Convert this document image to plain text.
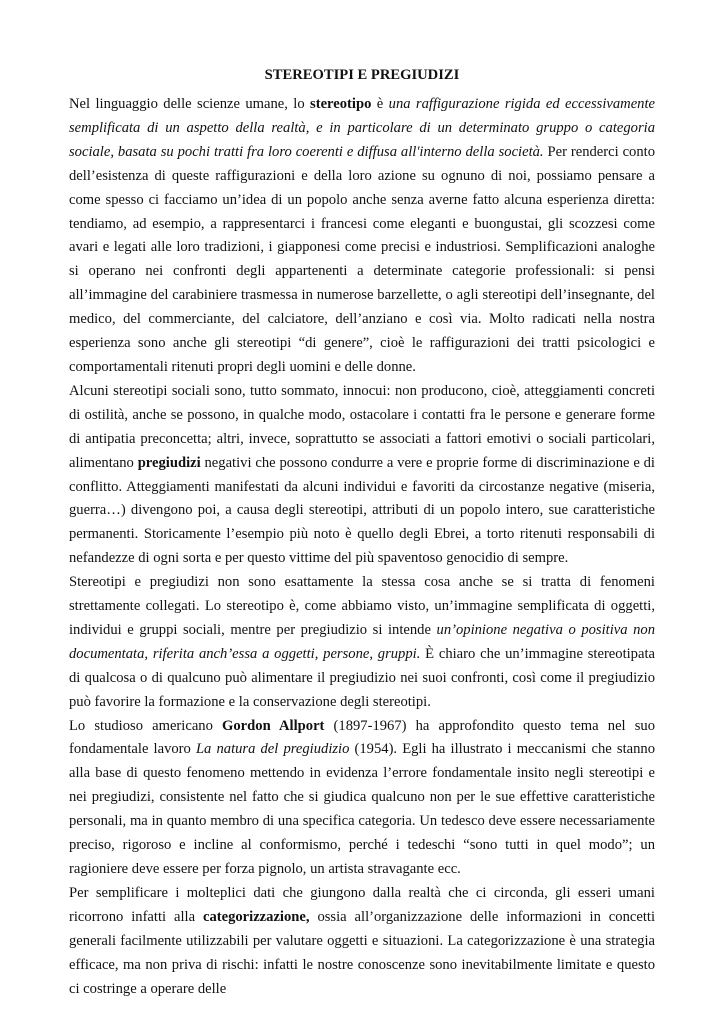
STEREOTIPI E PREGIUDIZI

Nel linguaggio delle scienze umane, lo stereotipo è una raffigurazione rigida ed eccessivamente semplificata di un aspetto della realtà, e in particolare di un determinato gruppo o categoria sociale, basata su pochi tratti fra loro coerenti e diffusa all'interno della società. Per renderci conto dell’esistenza di queste raffigurazioni e della loro azione su ognuno di noi, possiamo pensare a come spesso ci facciamo un’idea di un popolo anche senza averne fatto alcuna esperienza diretta: tendiamo, ad esempio, a rappresentarci i francesi come eleganti e buongustai, gli scozzesi come avari e legati alle loro tradizioni, i giapponesi come precisi e industriosi. Semplificazioni analoghe si operano nei confronti degli appartenenti a determinate categorie professionali: si pensi all’immagine del carabiniere trasmessa in numerose barzellette, o agli stereotipi dell’insegnante, del medico, del commerciante, del calciatore, dell’anziano e così via. Molto radicati nella nostra esperienza sono anche gli stereotipi “di genere”, cioè le raffigurazioni dei tratti psicologici e comportamentali ritenuti propri degli uomini e delle donne.

Alcuni stereotipi sociali sono, tutto sommato, innocui: non producono, cioè, atteggiamenti concreti di ostilità, anche se possono, in qualche modo, ostacolare i contatti fra le persone e generare forme di antipatia preconcetta; altri, invece, soprattutto se associati a fattori emotivi o sociali particolari, alimentano pregiudizi negativi che possono condurre a vere e proprie forme di discriminazione e di conflitto. Atteggiamenti manifestati da alcuni individui e favoriti da circostanze negative (miseria, guerra…) divengono poi, a causa degli stereotipi, attributi di un popolo intero, sue caratteristiche permanenti. Storicamente l’esempio più noto è quello degli Ebrei, a torto ritenuti responsabili di nefandezze di ogni sorta e per questo vittime del più spaventoso genocidio di sempre.

Stereotipi e pregiudizi non sono esattamente la stessa cosa anche se si tratta di fenomeni strettamente collegati. Lo stereotipo è, come abbiamo visto, un’immagine semplificata di oggetti, individui e gruppi sociali, mentre per pregiudizio si intende un’opinione negativa o positiva non documentata, riferita anch’essa a oggetti, persone, gruppi. È chiaro che un’immagine stereotipata di qualcosa o di qualcuno può alimentare il pregiudizio nei suoi confronti, così come il pregiudizio può favorire la formazione e la conservazione degli stereotipi.

Lo studioso americano Gordon Allport (1897-1967) ha approfondito questo tema nel suo fondamentale lavoro La natura del pregiudizio (1954). Egli ha illustrato i meccanismi che stanno alla base di questo fenomeno mettendo in evidenza l’errore fondamentale insito negli stereotipi e nei pregiudizi, consistente nel fatto che si giudica qualcuno non per le sue effettive caratteristiche personali, ma in quanto membro di una specifica categoria. Un tedesco deve essere necessariamente preciso, rigoroso e incline al conformismo, perché i tedeschi “sono tutti in quel modo”; un ragioniere deve essere per forza pignolo, un artista stravagante ecc.

Per semplificare i molteplici dati che giungono dalla realtà che ci circonda, gli esseri umani ricorrono infatti alla categorizzazione, ossia all’organizzazione delle informazioni in concetti generali facilmente utilizzabili per valutare oggetti e situazioni. La categorizzazione è una strategia efficace, ma non priva di rischi: infatti le nostre conoscenze sono inevitabilmente limitate e questo ci costringe a operare delle
